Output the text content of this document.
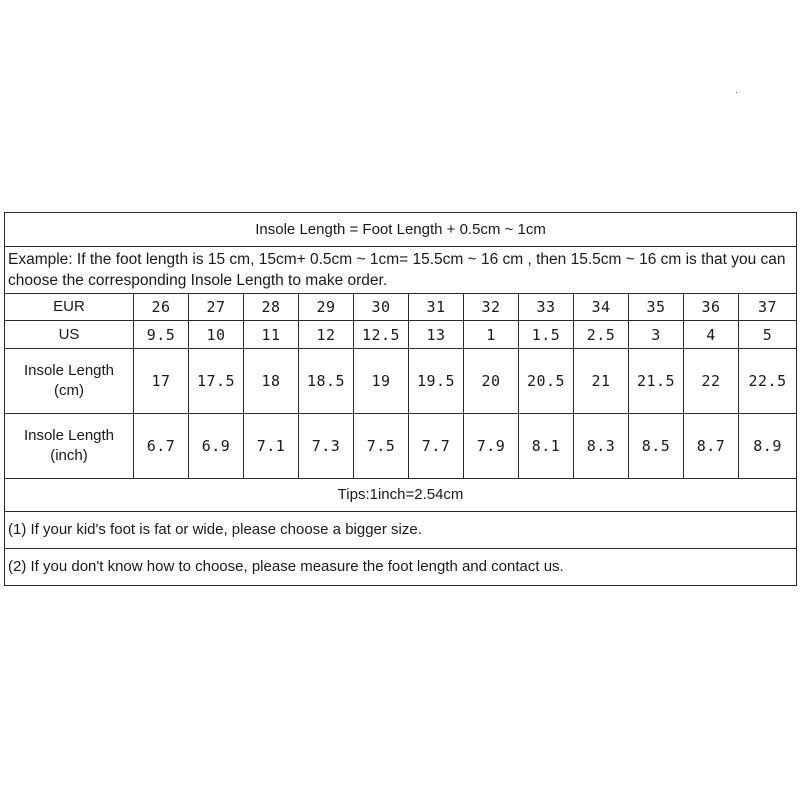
Insole Length = Foot Length + 0.5cm ~ 1cm												
Example: If the foot length is 15 cm, 15cm+ 0.5cm ~ 1cm= 15.5cm ~ 16 cm , then 15.5cm ~ 16 cm is that you can choose the corresponding Insole Length to make order.												
EUR	26	27	28	29	30	31	32	33	34	35	36	37
US	9.5	10	11	12	12.5	13	1	1.5	2.5	3	4	5

Insole Length
(cm)	17	17.5	18	18.5	19	19.5	20	20.5	21	21.5	22	22.5

Insole Length
(inch)	6.7	6.9	7.1	7.3	7.5	7.7	7.9	8.1	8.3	8.5	8.7	8.9
Tips:1inch=2.54cm												
(1) If your kid's foot is fat or wide, please choose a bigger size.												
(2) If you don't know how to choose, please measure the foot length and contact us.												
